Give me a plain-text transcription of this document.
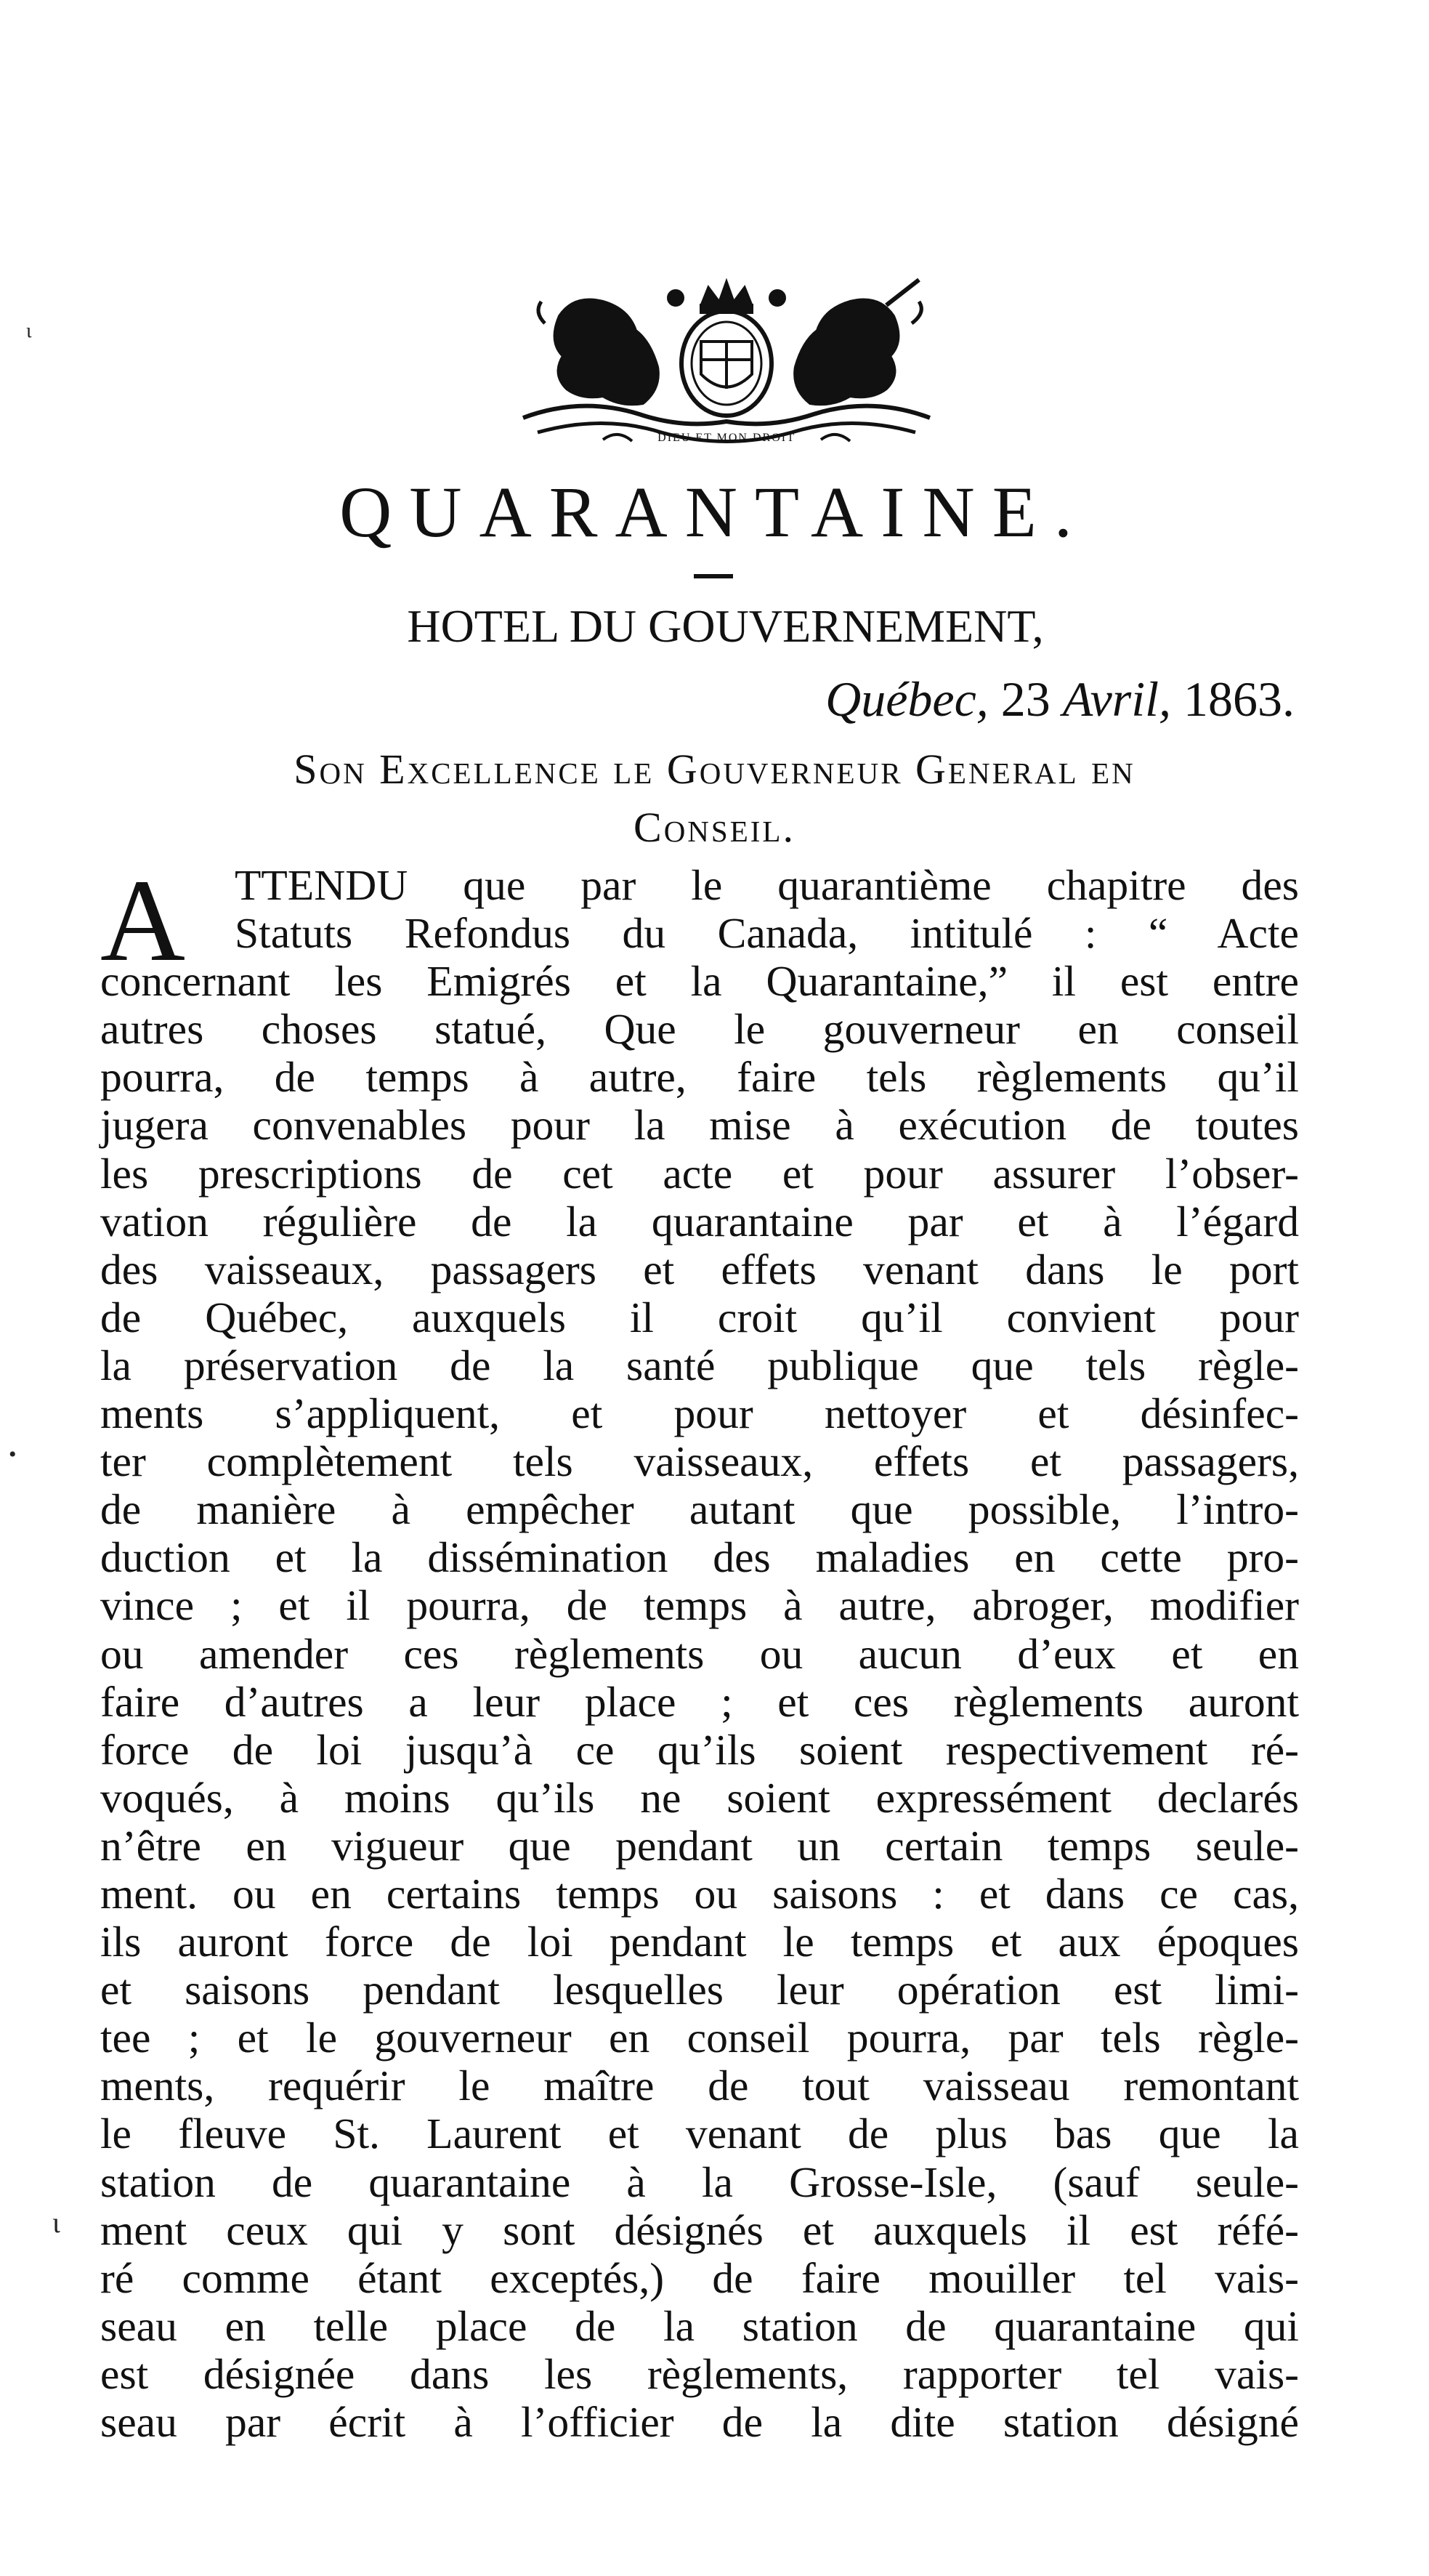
DIEU ET MON DROIT
QUARANTAINE.
HOTEL DU GOUVERNEMENT,
Québec, 23 Avril, 1863.
Son Excellence le Gouverneur General en
Conseil.
A	TTENDU que par le quarantième chapitre des
Statuts Refondus du Canada, intitulé : “ Acte
concernant les Emigrés et la Quarantaine,” il est entre
autres choses statué, Que le gouverneur en conseil
pourra, de temps à autre, faire tels règlements qu’il
jugera convenables pour la mise à exécution de toutes
les prescriptions de cet acte et pour assurer l’obser-
vation régulière de la quarantaine par et à l’égard
des vaisseaux, passagers et effets venant dans le port
de Québec, auxquels il croit qu’il convient pour
la préservation de la santé publique que tels règle-
ments s’appliquent, et pour nettoyer et désinfec-
ter complètement tels vaisseaux, effets et passagers,
de manière à empêcher autant que possible, l’intro-
duction et la dissémination des maladies en cette pro-
vince ; et il pourra, de temps à autre, abroger, modifier
ou amender ces règlements ou aucun d’eux et en
faire d’autres a leur place ; et ces règlements auront
force de loi jusqu’à ce qu’ils soient respectivement ré-
voqués, à moins qu’ils ne soient expressément declarés
n’être en vigueur que pendant un certain temps seule-
ment. ou en certains temps ou saisons : et dans ce cas,
ils auront force de loi pendant le temps et aux époques
et saisons pendant lesquelles leur opération est limi-
tee ; et le gouverneur en conseil pourra, par tels règle-
ments, requérir le maître de tout vaisseau remontant
le fleuve St. Laurent et venant de plus bas que la
station de quarantaine à la Grosse-Isle, (sauf seule-
ment ceux qui y sont désignés et auxquels il est réfé-
ré comme étant exceptés,) de faire mouiller tel vais-
seau en telle place de la station de quarantaine qui
est désignée dans les règlements, rapporter tel vais-
seau par écrit à l’officier de la dite station désigné
ι
•
ɩ
